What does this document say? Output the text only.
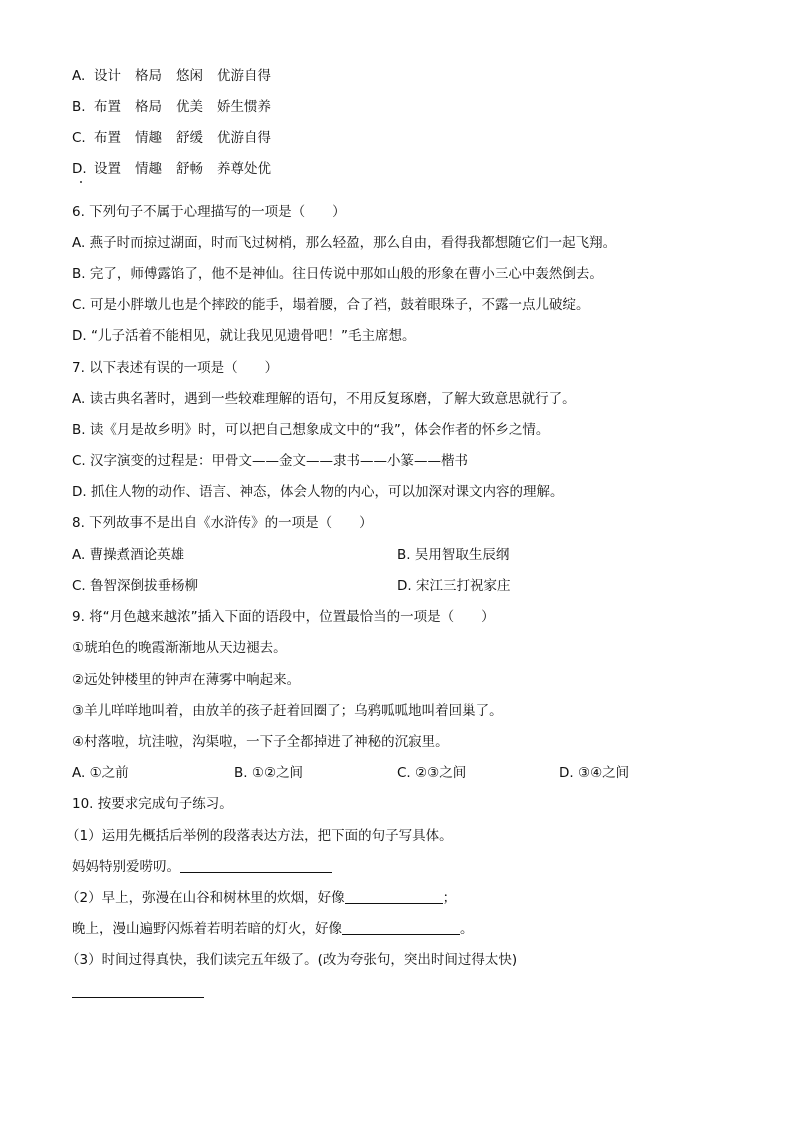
A. 设计 格局 悠闲 优游自得
B. 布置 格局 优美 娇生惯养
C. 布置 情趣 舒缓 优游自得
D. 设置 情趣 舒畅 养尊处优
6. 下列句子不属于心理描写的一项是（　　）
A. 燕子时而掠过湖面，时而飞过树梢，那么轻盈，那么自由，看得我都想随它们一起飞翔。
B. 完了，师傅露馅了，他不是神仙。往日传说中那如山般的形象在曹小三心中轰然倒去。
C. 可是小胖墩儿也是个摔跤的能手，塌着腰，合了裆，鼓着眼珠子，不露一点儿破绽。
D. “儿子活着不能相见，就让我见见遗骨吧！”毛主席想。
7. 以下表述有误的一项是（　　）
A. 读古典名著时，遇到一些较难理解的语句，不用反复琢磨，了解大致意思就行了。
B. 读《月是故乡明》时，可以把自己想象成文中的“我”，体会作者的怀乡之情。
C. 汉字演变的过程是：甲骨文——金文——隶书——小篆——楷书
D. 抓住人物的动作、语言、神态，体会人物的内心，可以加深对课文内容的理解。
8. 下列故事不是出自《水浒传》的一项是（　　）
A. 曹操煮酒论英雄	B. 吴用智取生辰纲
C. 鲁智深倒拔垂杨柳	D. 宋江三打祝家庄
9. 将“月色越来越浓”插入下面的语段中，位置最恰当的一项是（　　）
①琥珀色的晚霞渐渐地从天边褪去。
②远处钟楼里的钟声在薄雾中响起来。
③羊儿咩咩地叫着，由放羊的孩子赶着回圈了；乌鸦呱呱地叫着回巢了。
④村落啦，坑洼啦，沟渠啦，一下子全都掉进了神秘的沉寂里。
A. ①之前	B. ①②之间	C. ②③之间	D. ③④之间
10. 按要求完成句子练习。
（1）运用先概括后举例的段落表达方法，把下面的句子写具体。
妈妈特别爱唠叨。
（2）早上，弥漫在山谷和树林里的炊烟，好像	；
晚上，漫山遍野闪烁着若明若暗的灯火，好像	。
（3）时间过得真快，我们读完五年级了。(改为夸张句，突出时间过得太快)
